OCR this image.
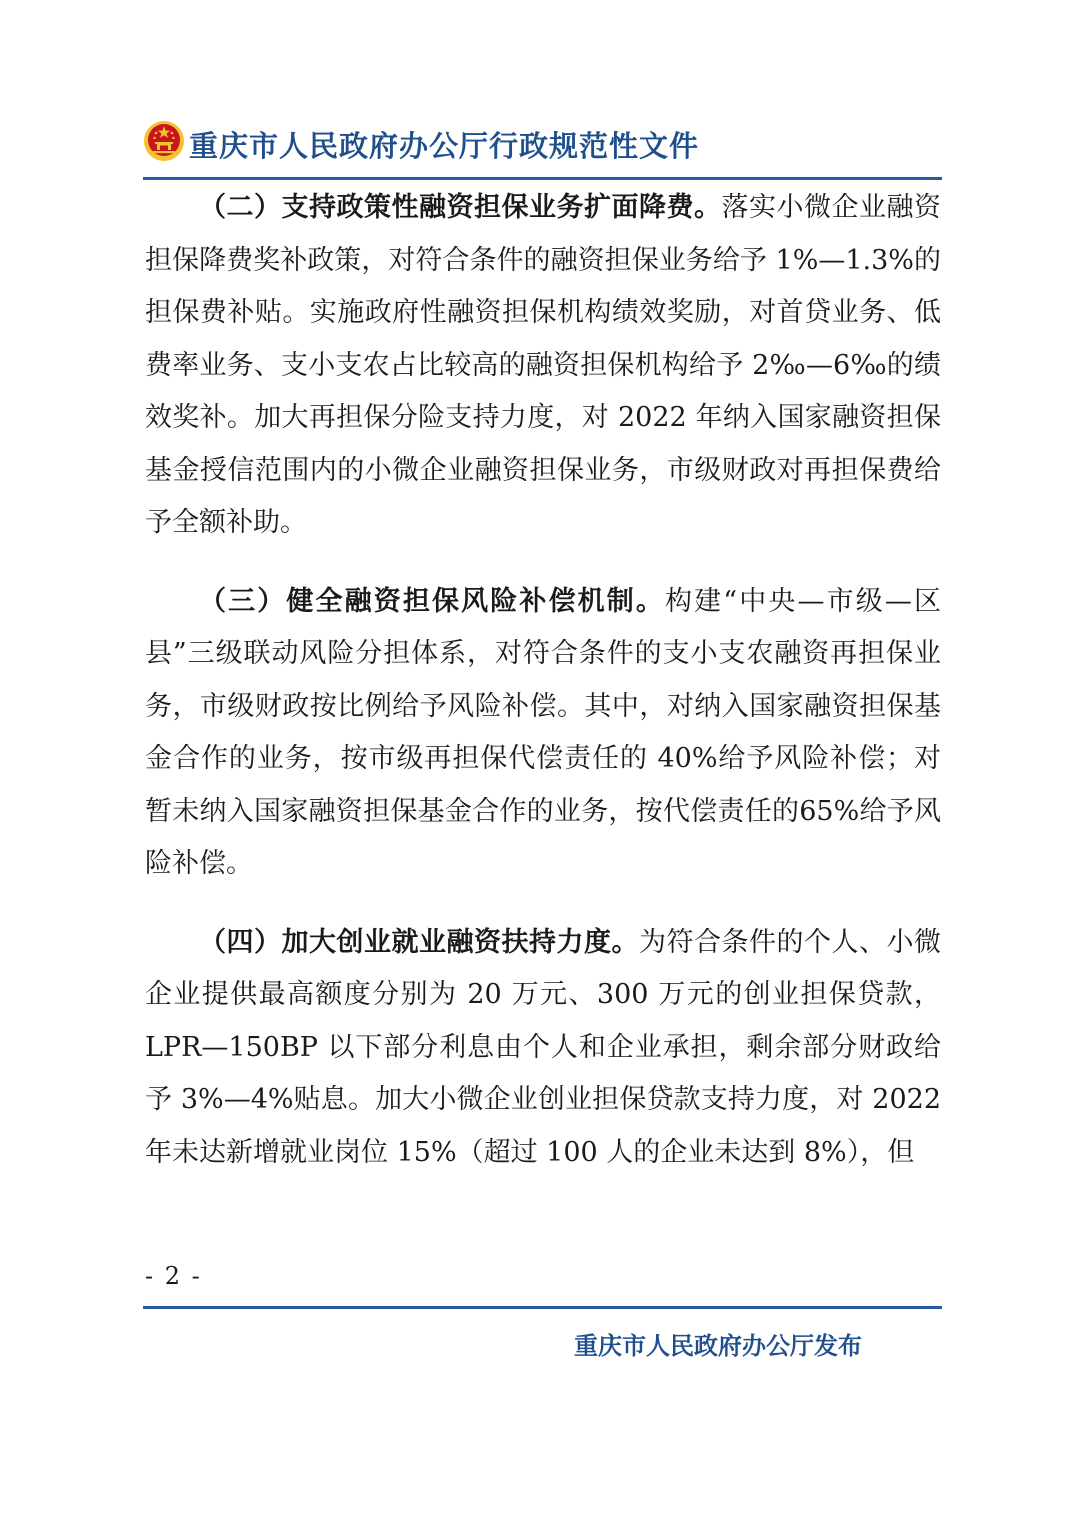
重庆市人民政府办公厅行政规范性文件

（二）支持政策性融资担保业务扩面降费。落实小微企业融资担保降费奖补政策，对符合条件的融资担保业务给予 1%—1.3%的担保费补贴。实施政府性融资担保机构绩效奖励，对首贷业务、低费率业务、支小支农占比较高的融资担保机构给予 2‰—6‰的绩效奖补。加大再担保分险支持力度，对 2022 年纳入国家融资担保基金授信范围内的小微企业融资担保业务，市级财政对再担保费给予全额补助。

（三）健全融资担保风险补偿机制。构建“中央—市级—区县”三级联动风险分担体系，对符合条件的支小支农融资再担保业务，市级财政按比例给予风险补偿。其中，对纳入国家融资担保基金合作的业务，按市级再担保代偿责任的 40%给予风险补偿；对暂未纳入国家融资担保基金合作的业务，按代偿责任的65%给予风险补偿。

（四）加大创业就业融资扶持力度。为符合条件的个人、小微企业提供最高额度分别为 20 万元、300 万元的创业担保贷款，LPR—150BP 以下部分利息由个人和企业承担，剩余部分财政给予 3%—4%贴息。加大小微企业创业担保贷款支持力度，对 2022 年未达新增就业岗位 15%（超过 100 人的企业未达到 8%），但

- 2 -
重庆市人民政府办公厅发布
